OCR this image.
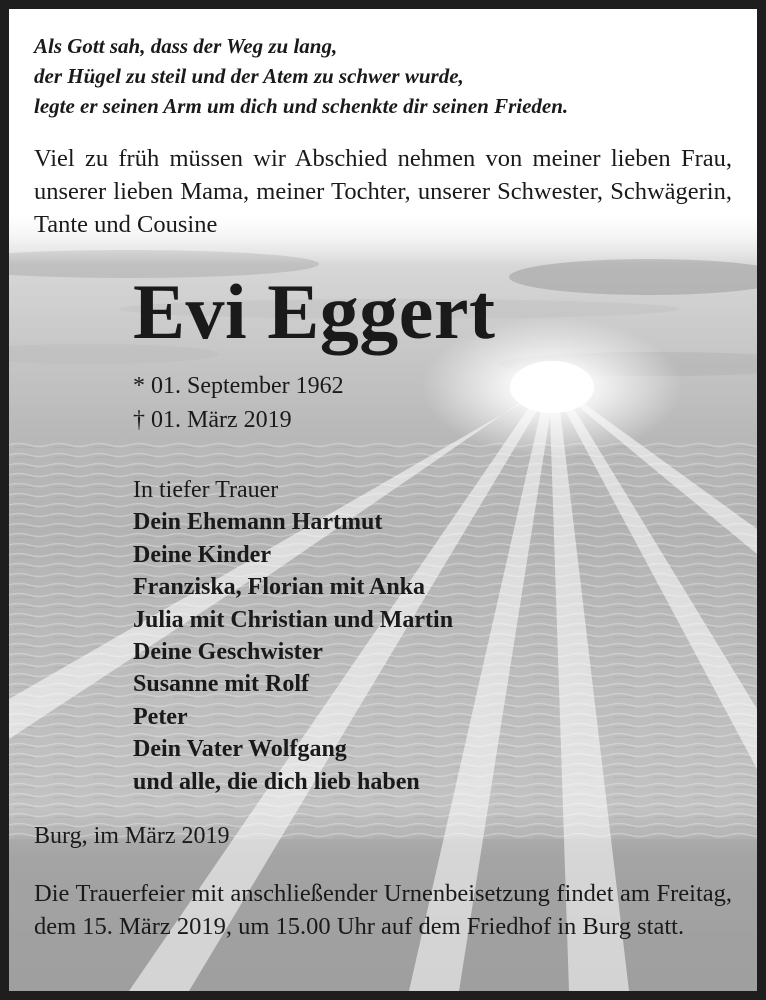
Als Gott sah, dass der Weg zu lang,
der Hügel zu steil und der Atem zu schwer wurde,
legte er seinen Arm um dich und schenkte dir seinen Frieden.
Viel zu früh müssen wir Abschied nehmen von meiner lieben Frau, unserer lieben Mama, meiner Tochter, unserer Schwester, Schwägerin, Tante und Cousine
Evi Eggert
* 01. September 1962
† 01. März 2019
In tiefer Trauer
Dein Ehemann Hartmut
Deine Kinder
Franziska, Florian mit Anka
Julia mit Christian und Martin
Deine Geschwister
Susanne mit Rolf
Peter
Dein Vater Wolfgang
und alle, die dich lieb haben
Burg, im März 2019
Die Trauerfeier mit anschließender Urnenbeisetzung findet am Freitag, dem 15. März 2019, um 15.00 Uhr auf dem Friedhof in Burg statt.
